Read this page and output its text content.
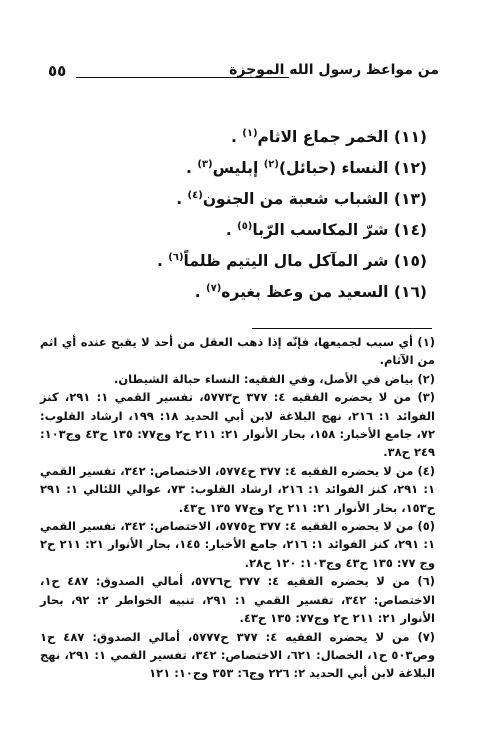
٥٥	من مواعظ رسول الله الموجزة
(١١) الخمر جماع الاثام$^{(١)}$ .
(١٢) النساء (حبائل)$^{(٢)}$ إبليس$^{(٣)}$ .
(١٣) الشباب شعبة من الجنون$^{(٤)}$ .
(١٤) شرّ المكاسب الرّبا$^{(٥)}$ .
(١٥) شر المآكل مال اليتيم ظلماً$^{(٦)}$ .
(١٦) السعيد من وعظ بغيره$^{(٧)}$ .

(١) أي سبب لجميعها، فإنّه إذا ذهب العقل من أحد لا يقبح عنده أي اثم من الآثام.

(٢) بياض في الأصل، وفي الفقيه: النساء حبالة الشيطان.

(٣) من لا يحضره الفقيه ٤: ٣٧٧ ح٥٧٧٣، تفسير القمي ١: ٢٩١، كنز الفوائد ١: ٢١٦، نهج البلاغة لابن أبي الحديد ١٨: ١٩٩، ارشاد القلوب: ٧٢، جامع الأخبار: ١٥٨، بحار الأنوار ٢١: ٢١١ ح٢ وج٧٧: ١٣٥ ح٤٣ وج١٠٣: ٢٤٩ ح٣٨.

(٤) من لا يحضره الفقيه ٤: ٣٧٧ ح٥٧٧٤، الاختصاص: ٣٤٢، تفسير القمي ١: ٢٩١، كنز الفوائد ١: ٢١٦، ارشاد القلوب: ٧٣، عوالي اللئالي ١: ٢٩١ ح١٥٣، بحار الأنوار ٢١: ٢١١ ح٢ وج٧٧ ١٣٥ ح٤٣.

(٥) من لا يحضره الفقيه ٤: ٣٧٧ ح٥٧٧٥، الاختصاص: ٣٤٢، تفسير القمي ١: ٢٩١، كنز الفوائد ١: ٢١٦، جامع الأخبار: ١٤٥، بحار الأنوار ٢١: ٢١١ ح٢ وج ٧٧: ١٣٥ ح٤٣ وج١٠٣: ١٢٠ ح٢٨.

(٦) من لا يحضره الفقيه ٤: ٣٧٧ ح٥٧٧٦، أمالي الصدوق: ٤٨٧ ح١، الاختصاص: ٣٤٢، تفسير القمي ١: ٢٩١، تنبيه الخواطر ٢: ٩٢، بحار الأنوار ٢١: ٢١١ ح٢ وج٧٧: ١٣٥ ح٤٣.

(٧) من لا يحضره الفقيه ٤: ٣٧٧ ح٥٧٧٧، أمالي الصدوق: ٤٨٧ ح١ وص٥٠٣ ح١، الخصال: ٦٢١، الاختصاص: ٣٤٢، تفسير القمي ١: ٢٩١، نهج البلاغة لابن أبي الحديد ٢: ٢٢٦ وج٦: ٣٥٣ وج١٠: ١٢١
